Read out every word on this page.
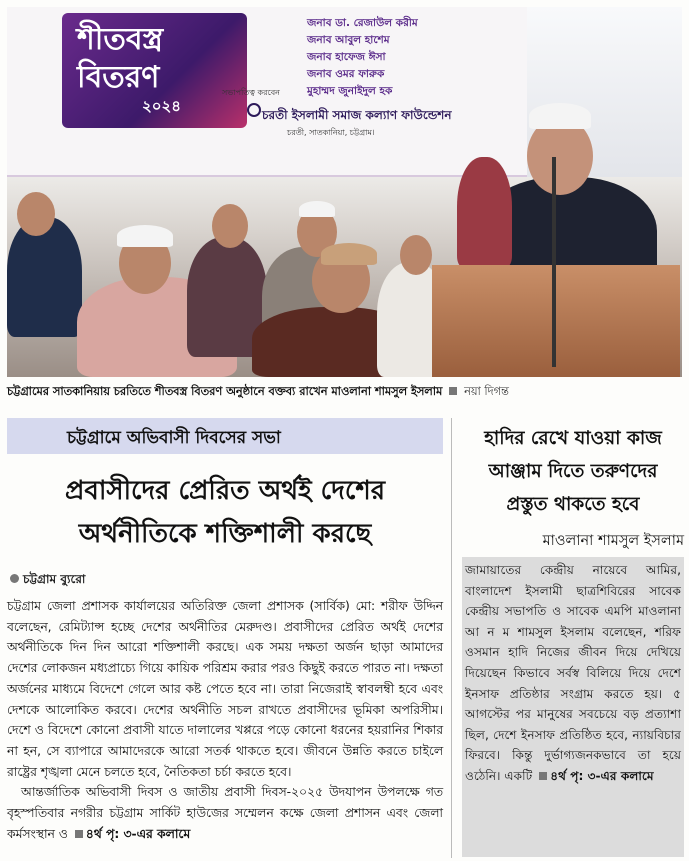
শীতবস্ত্র বিতরণ
২০২৪
জনাব ডা. রেজাউল করীম
জনাব আবুল হাশেম
জনাব হাফেজ ঈসা
জনাব ওমর ফারুক
মুহাম্মদ জুনাইদুল হক
সভাপতিত্ব করবেন
চরতী ইসলামী সমাজ কল্যাণ ফাউন্ডেশন
চরতী, সাতকানিয়া, চট্টগ্রাম।
চট্টগ্রামের সাতকানিয়ায় চরতিতে শীতবস্ত্র বিতরণ অনুষ্ঠানে বক্তব্য রাখেন মাওলানা শামসুল ইসলাম নয়া দিগন্ত
চট্টগ্রামে অভিবাসী দিবসের সভা
প্রবাসীদের প্রেরিত অর্থই দেশের
অর্থনীতিকে শক্তিশালী করছে
চট্টগ্রাম ব্যুরো

চট্টগ্রাম জেলা প্রশাসক কার্যালয়ের অতিরিক্ত জেলা প্রশাসক (সার্বিক) মো: শরীফ উদ্দিন বলেছেন, রেমিট্যান্স হচ্ছে দেশের অর্থনীতির মেরুদণ্ড। প্রবাসীদের প্রেরিত অর্থই দেশের অর্থনীতিকে দিন দিন আরো শক্তিশালী করছে। এক সময় দক্ষতা অর্জন ছাড়া আমাদের দেশের লোকজন মধ্যপ্রাচ্যে গিয়ে কায়িক পরিশ্রম করার পরও কিছুই করতে পারত না। দক্ষতা অর্জনের মাধ্যমে বিদেশে গেলে আর কষ্ট পেতে হবে না। তারা নিজেরাই স্বাবলম্বী হবে এবং দেশকে আলোকিত করবে। দেশের অর্থনীতি সচল রাখতে প্রবাসীদের ভূমিকা অপরিসীম। দেশে ও বিদেশে কোনো প্রবাসী যাতে দালালের খপ্পরে পড়ে কোনো ধরনের হয়রানির শিকার না হন, সে ব্যাপারে আমাদেরকে আরো সতর্ক থাকতে হবে। জীবনে উন্নতি করতে চাইলে রাষ্ট্রের শৃঙ্খলা মেনে চলতে হবে, নৈতিকতা চর্চা করতে হবে।

আন্তর্জাতিক অভিবাসী দিবস ও জাতীয় প্রবাসী দিবস-২০২৫ উদযাপন উপলক্ষে গত বৃহস্পতিবার নগরীর চট্টগ্রাম সার্কিট হাউজের সম্মেলন কক্ষে জেলা প্রশাসন এবং জেলা কর্মসংস্থান ও ৪র্থ পৃ: ৩-এর কলামে

হাদির রেখে যাওয়া কাজ
আঞ্জাম দিতে তরুণদের
প্রস্তুত থাকতে হবে
মাওলানা শামসুল ইসলাম
জামায়াতের কেন্দ্রীয় নায়েবে আমির, বাংলাদেশ ইসলামী ছাত্রশিবিরের সাবেক কেন্দ্রীয় সভাপতি ও সাবেক এমপি মাওলানা আ ন ম শামসুল ইসলাম বলেছেন, শরিফ ওসমান হাদি নিজের জীবন দিয়ে দেখিয়ে দিয়েছেন কিভাবে সর্বস্ব বিলিয়ে দিয়ে দেশে ইনসাফ প্রতিষ্ঠার সংগ্রাম করতে হয়। ৫ আগস্টের পর মানুষের সবচেয়ে বড় প্রত্যাশা ছিল, দেশে ইনসাফ প্রতিষ্ঠিত হবে, ন্যায়বিচার ফিরবে। কিন্তু দুর্ভাগ্যজনকভাবে তা হয়ে ওঠেনি। একটি ৪র্থ পৃ: ৩-এর কলামে
